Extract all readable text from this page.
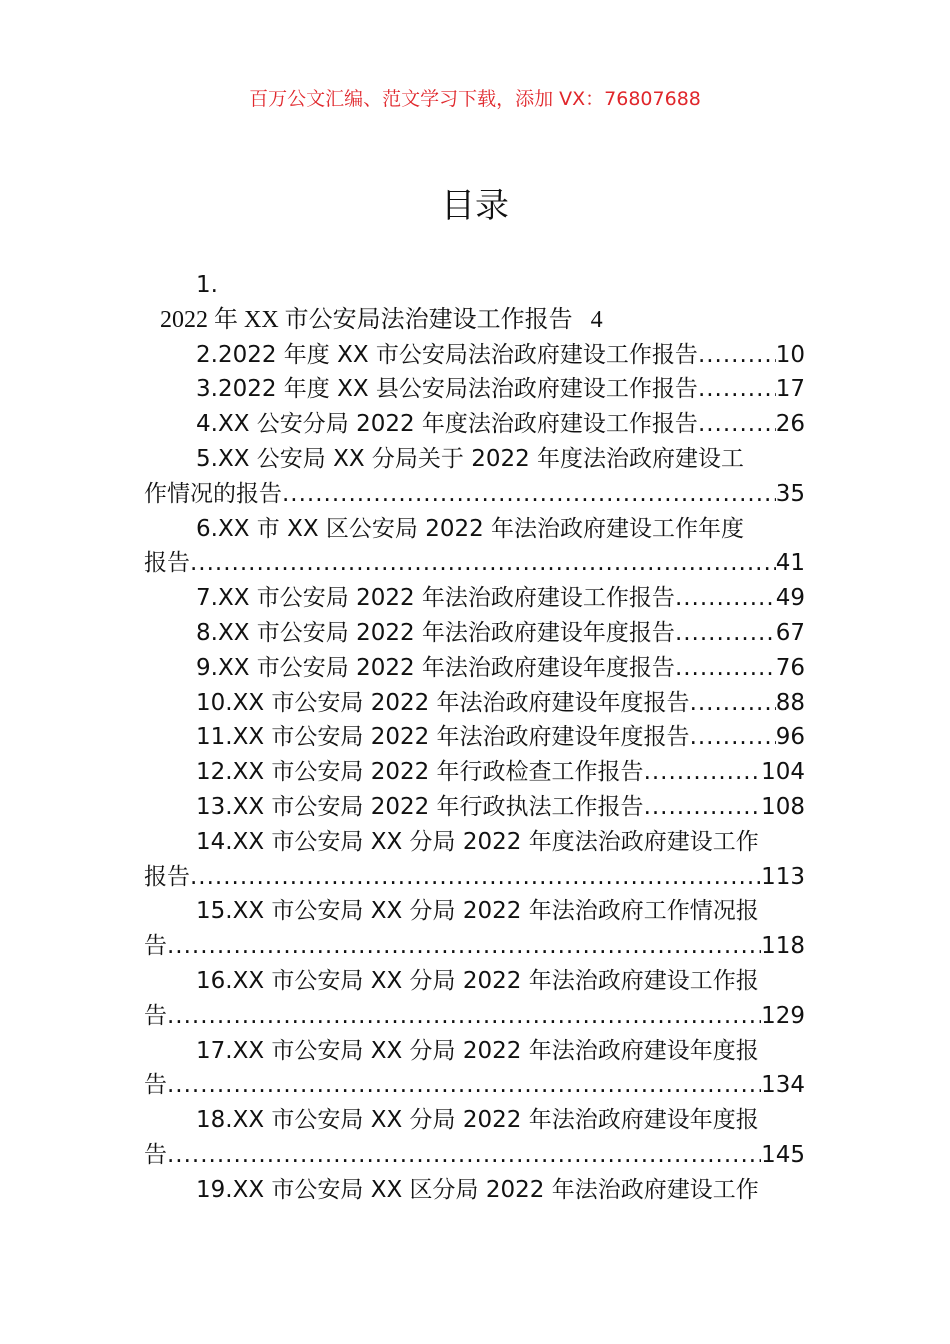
百万公文汇编、范文学习下载，添加 VX：76807688
目录
1.
2022 年 XX 市公安局法治建设工作报告 4
2.2022 年度 XX 市公安局法治政府建设工作报告 .....	10
3.2022 年度 XX 县公安局法治政府建设工作报告 .....	17
4.XX 公安分局 2022 年度法治政府建设工作报告 .....	26
5.XX 公安局 XX 分局关于 2022 年度法治政府建设工
作情况的报告 .....	35
6.XX 市 XX 区公安局 2022 年法治政府建设工作年度
报告 .....	41
7.XX 市公安局 2022 年法治政府建设工作报告 .....	49
8.XX 市公安局 2022 年法治政府建设年度报告 .....	67
9.XX 市公安局 2022 年法治政府建设年度报告 .....	76
10.XX 市公安局 2022 年法治政府建设年度报告 .....	88
11.XX 市公安局 2022 年法治政府建设年度报告 .....	96
12.XX 市公安局 2022 年行政检查工作报告 .....	104
13.XX 市公安局 2022 年行政执法工作报告 .....	108
14.XX 市公安局 XX 分局 2022 年度法治政府建设工作
报告 .....	113
15.XX 市公安局 XX 分局 2022 年法治政府工作情况报
告 .....	118
16.XX 市公安局 XX 分局 2022 年法治政府建设工作报
告 .....	129
17.XX 市公安局 XX 分局 2022 年法治政府建设年度报
告 .....	134
18.XX 市公安局 XX 分局 2022 年法治政府建设年度报
告 .....	145
19.XX 市公安局 XX 区分局 2022 年法治政府建设工作
